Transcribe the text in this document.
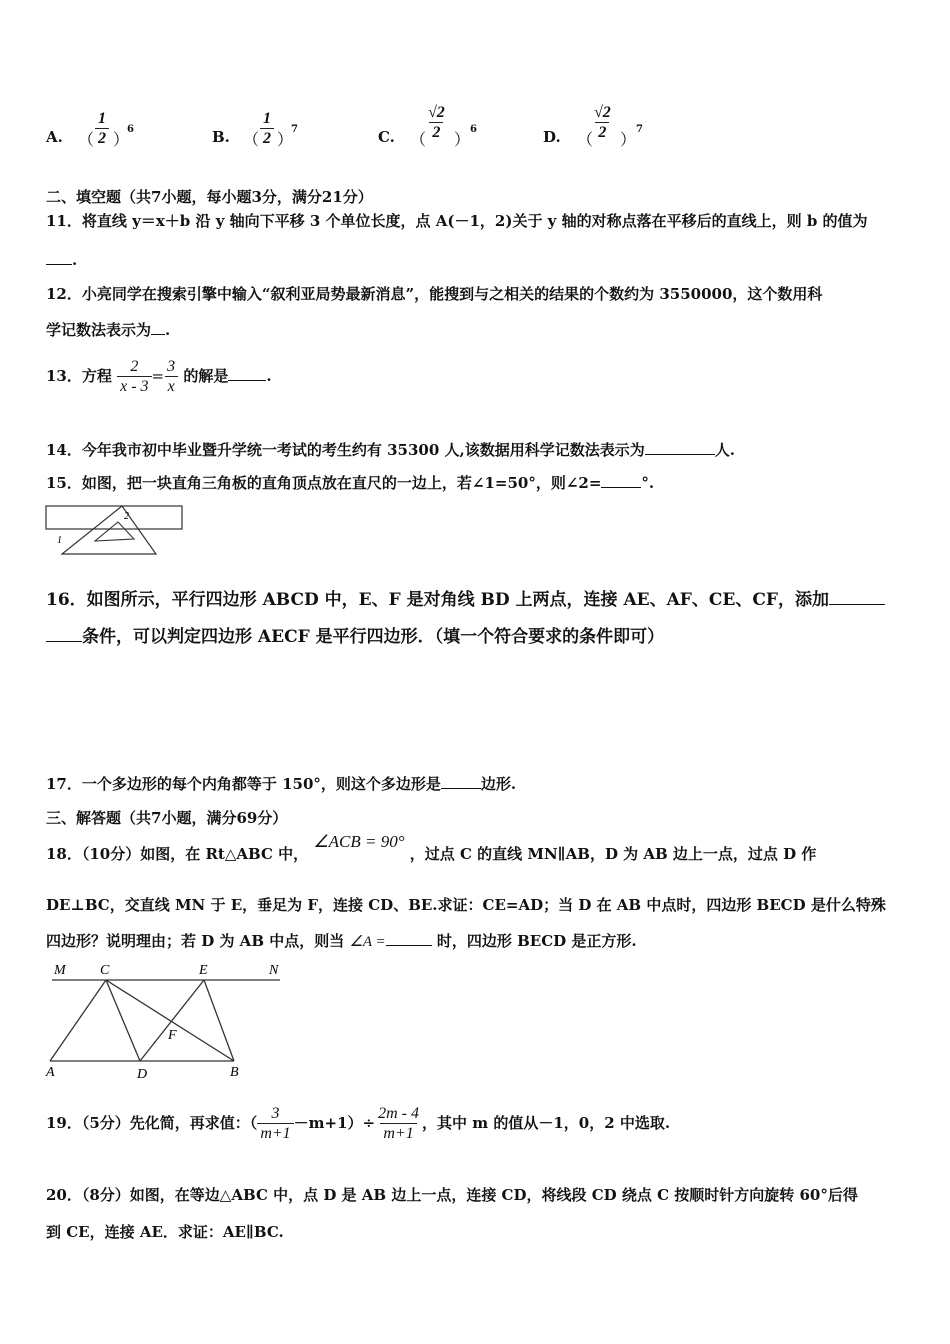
A. （ $\frac{1}{2}$ ）
6	B. （ $\frac{1}{2}$ ）
7	C. （
$\frac{√2}{2}$ ）
6	D. （
$\frac{√2}{2}$ ）
7
二、填空题（共7小题，每小题3分，满分21分）
11．将直线 y＝x＋b 沿 y 轴向下平移 3 个单位长度，点 A(－1，2)关于 y 轴的对称点落在平移后的直线上，则 b 的值为
.
12．小亮同学在搜索引擎中输入“叙利亚局势最新消息”，能搜到与之相关的结果的个数约为 3550000，这个数用科
学记数法表示为 .
13．方程 $\frac{2}{x - 3} = \frac{3}{x}$ 的解是	.
14．今年我市初中毕业暨升学统一考试的考生约有 35300 人,该数据用科学记数法表示为	人.
15．如图，把一块直角三角板的直角顶点放在直尺的一边上，若∠1=50°，则∠2=	°.
2
1
16．如图所示，平行四边形 ABCD 中，E、F 是对角线 BD 上两点，连接 AE、AF、CE、CF，添加
条件，可以判定四边形 AECF 是平行四边形．（填一个符合要求的条件即可）
17．一个多边形的每个内角都等于 150°，则这个多边形是	边形.
三、解答题（共7小题，满分69分）
18．（10分）如图，在 Rt△ABC 中， ∠ACB = 90° ，过点 C 的直线 MN∥AB，D 为 AB 边上一点，过点 D 作
DE⊥BC，交直线 MN 于 E，垂足为 F，连接 CD、BE.求证：CE=AD；当 D 在 AB 中点时，四边形 BECD 是什么特殊
四边形？说明理由；若 D 为 AB 中点，则当 ∠A =	时，四边形 BECD 是正方形.
M C	E	N
F
A	D	B
19．（5分）先化简，再求值：（ $\frac{3}{m+1} -m+1)\div \frac{2m - 4}{m+1}$ ，其中 m 的值从－1，0，2 中选取.
20．（8分）如图，在等边△ABC 中，点 D 是 AB 边上一点，连接 CD，将线段 CD 绕点 C 按顺时针方向旋转 60°后得
到 CE，连接 AE．求证：AE∥BC.
